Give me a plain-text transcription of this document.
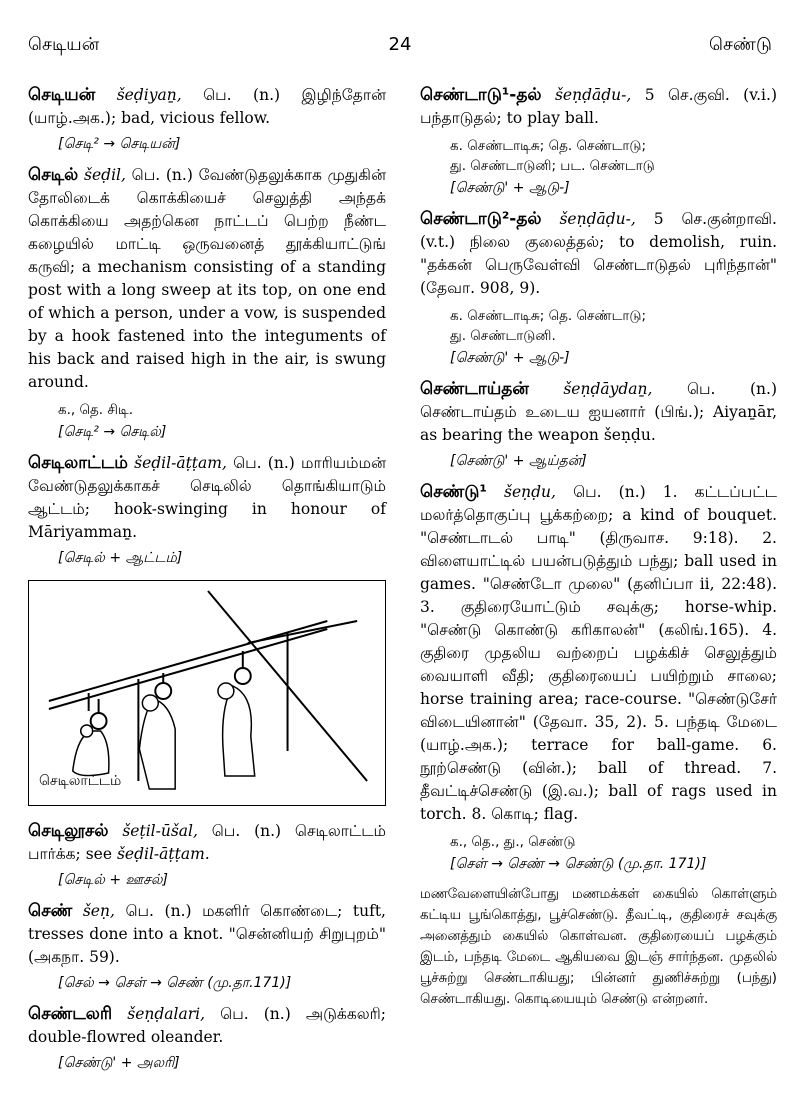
செடியன்	24	செண்டு
செடியன் šeḍiyaṉ, பெ. (n.) இழிந்தோன் (யாழ்.அக.); bad, vicious fellow.
[செடி² → செடியன்]
செடில் šeḍil, பெ. (n.) வேண்டுதலுக்காக முதுகின் தோலிடைக் கொக்கியைச் செலுத்தி அந்தக் கொக்கியை அதற்கென நாட்டப் பெற்ற நீண்ட கழையில் மாட்டி ஒருவனைத் தூக்கியாட்டுங் கருவி; a mechanism consisting of a standing post with a long sweep at its top, on one end of which a person, under a vow, is suspended by a hook fastened into the integuments of his back and raised high in the air, is swung around.
க., தெ. சிடி.
[செடி² → செடில்]
செடிலாட்டம் šeḍil-āṭṭam, பெ. (n.) மாரியம்மன் வேண்டுதலுக்காகச் செடிலில் தொங்கியாடும் ஆட்டம்; hook-swinging in honour of Māriyammaṉ.
[செடில் + ஆட்டம்]
செடிலாட்டம்
செடிலூசல் šeṭil-ūšal, பெ. (n.) செடிலாட்டம் பார்க்க; see šeḍil-āṭṭam.
[செடில் + ஊசல்]
செண் šeṇ, பெ. (n.) மகளிர் கொண்டை; tuft, tresses done into a knot. "சென்னியற் சிறுபுறம்" (அகநா. 59).
[செல் → செள் → செண் (மு.தா.171)]
செண்டலரி šeṇḍalari, பெ. (n.) அடுக்கலரி; double-flowred oleander.
[செண்டு' + அலரி]
செண்டாடு¹-தல் šeṇḍāḍu-, 5 செ.குவி. (v.i.) பந்தாடுதல்; to play ball.
க. செண்டாடிசு; தெ. செண்டாடு;
து. செண்டாடுனி; பட. செண்டாடு
[செண்டு' + ஆடு-]
செண்டாடு²-தல் šeṇḍāḍu-, 5 செ.குன்றாவி. (v.t.) நிலை குலைத்தல்; to demolish, ruin. "தக்கன் பெருவேள்வி செண்டாடுதல் புரிந்தான்" (தேவா. 908, 9).
க. செண்டாடிசு; தெ. செண்டாடு;
து. செண்டாடுனி.
[செண்டு' + ஆடு-]
செண்டாய்தன் šeṇḍāydaṉ, பெ. (n.) செண்டாய்தம் உடைய ஐயனார் (பிங்.); Aiyaṉār, as bearing the weapon šeṇḍu.
[செண்டு' + ஆய்தன்]
செண்டு¹ šeṇḍu, பெ. (n.) 1. கட்டப்பட்ட மலர்த்தொகுப்பு பூக்கற்றை; a kind of bouquet. "செண்டாடல் பாடி" (திருவாச. 9:18). 2. விளையாட்டில் பயன்படுத்தும் பந்து; ball used in games. "செண்டோ முலை" (தனிப்பா ii, 22:48). 3. குதிரையோட்டும் சவுக்கு; horse-whip. "செண்டு கொண்டு கரிகாலன்" (கலிங்.165). 4. குதிரை முதலிய வற்றைப் பழக்கிச் செலுத்தும் வையாளி வீதி; குதிரையைப் பயிற்றும் சாலை; horse training area; race-course. "செண்டுசேர் விடையினான்" (தேவா. 35, 2). 5. பந்தடி மேடை (யாழ்.அக.); terrace for ball-game. 6. நூற்செண்டு (வின்.); ball of thread. 7. தீவட்டிச்செண்டு (இ.வ.); ball of rags used in torch. 8. கொடி; flag.
க., தெ., து., செண்டு
[செள் → செண் → செண்டு (மு.தா. 171)]
மணவேளையின்போது மணமக்கள் கையில் கொள்ளும் கட்டிய பூங்கொத்து, பூச்செண்டு. தீவட்டி, குதிரைச் சவுக்கு அனைத்தும் கையில் கொள்வன. குதிரையைப் பழக்கும் இடம், பந்தடி மேடை ஆகியவை இடஞ் சார்ந்தன. முதலில் பூச்சுற்று செண்டாகியது; பின்னர் துணிச்சுற்று (பந்து) செண்டாகியது. கொடியையும் செண்டு என்றனர்.
